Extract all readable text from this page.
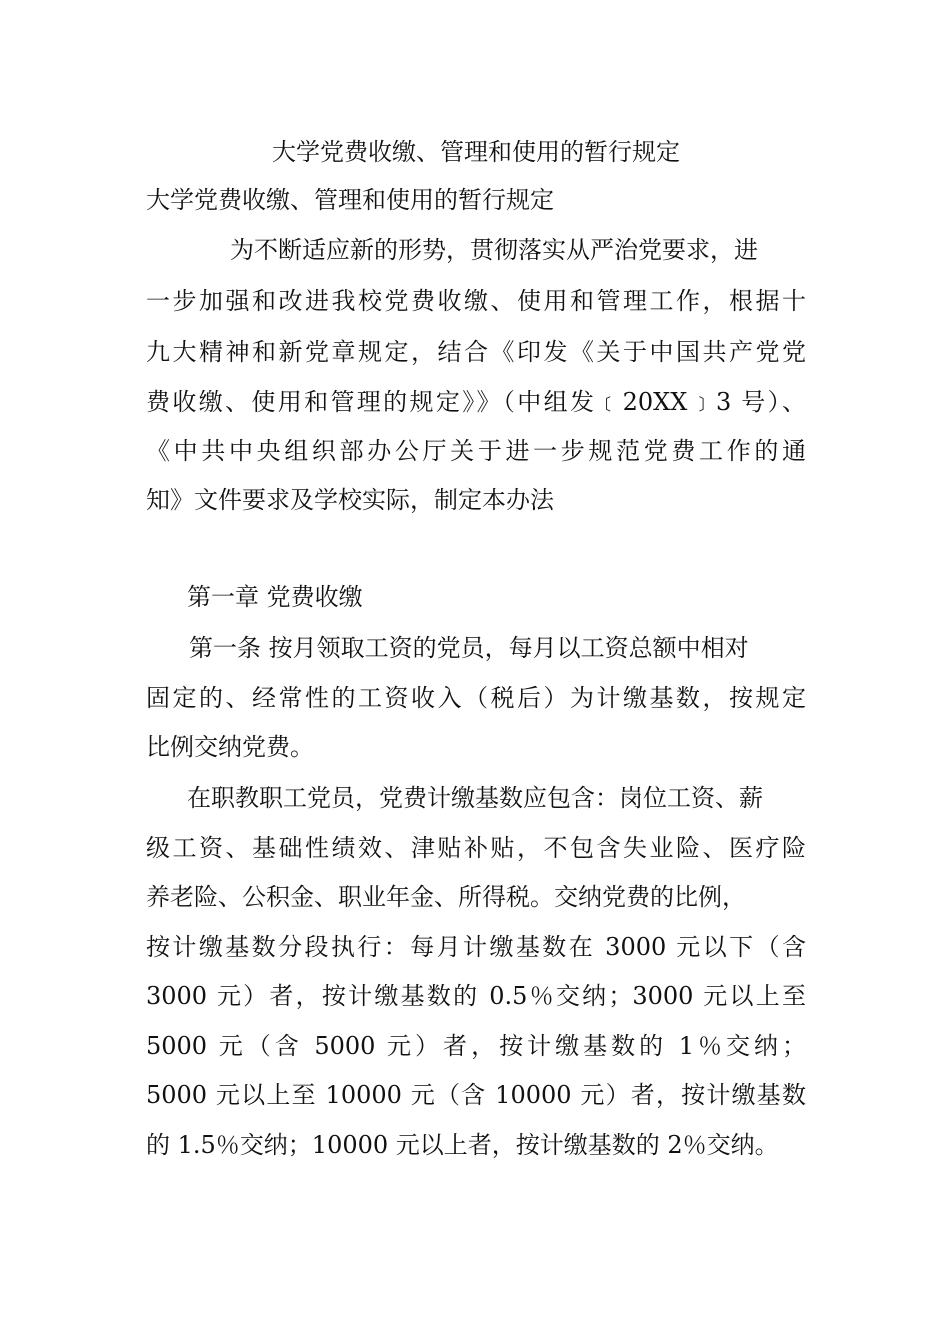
大学党费收缴、管理和使用的暂行规定
大学党费收缴、管理和使用的暂行规定
为不断适应新的形势，贯彻落实从严治党要求，进
一步加强和改进我校党费收缴、使用和管理工作，根据十
九大精神和新党章规定，结合《印发《关于中国共产党党
费收缴、使用和管理的规定》》（中组发﹝20XX﹞3 号）、
《中共中央组织部办公厅关于进一步规范党费工作的通
知》文件要求及学校实际，制定本办法
第一章 党费收缴
第一条 按月领取工资的党员，每月以工资总额中相对
固定的、经常性的工资收入（税后）为计缴基数，按规定
比例交纳党费。
在职教职工党员，党费计缴基数应包含：岗位工资、薪
级工资、基础性绩效、津贴补贴，不包含失业险、医疗险
养老险、公积金、职业年金、所得税。交纳党费的比例，
按计缴基数分段执行：每月计缴基数在 3000 元以下（含
3000 元）者，按计缴基数的 0.5％交纳；3000 元以上至
5000 元（含 5000 元）者，按计缴基数的 1％交纳；
5000 元以上至 10000 元（含 10000 元）者，按计缴基数
的 1.5％交纳；10000 元以上者，按计缴基数的 2％交纳。
